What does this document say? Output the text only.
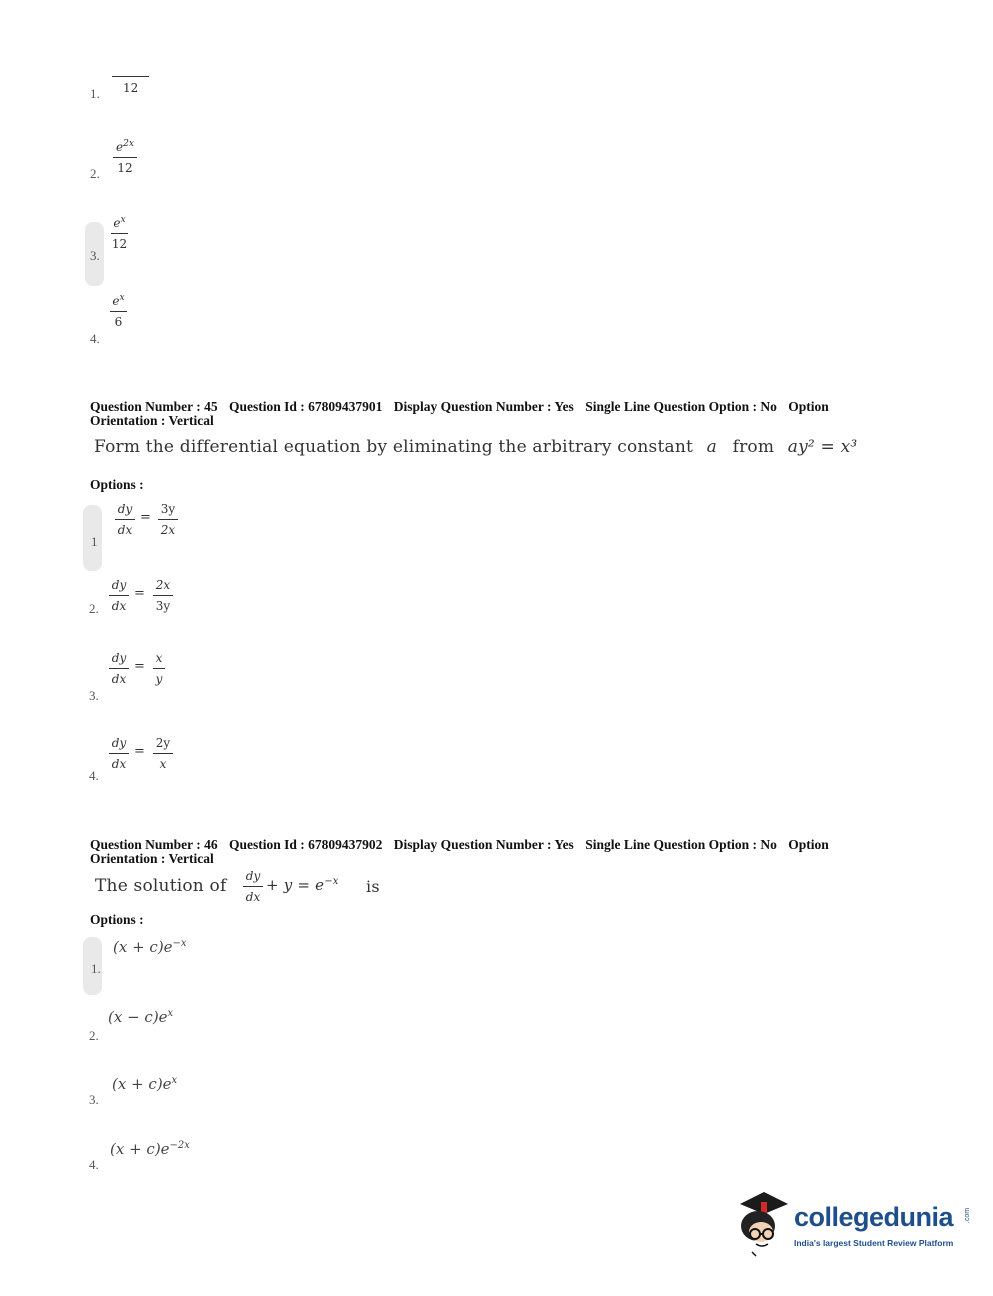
1. 12
2.
$e^{2x}$
12
3.
$e^x$
12
4.
$e^x$
6
Question Number : 45 Question Id : 67809437901 Display Question Number : Yes Single Line Question Option : No Option
Orientation : Vertical
Form the differential equation by eliminating the arbitrary constant a from ay² = x³
Options :
1
dy
dx
=
3y
2x
2.
dy
dx
=
2x
3y
3.
dy
dx
=
x
y
4.
dy
dx
=
2y
x
Question Number : 46 Question Id : 67809437902 Display Question Number : Yes Single Line Question Option : No Option
Orientation : Vertical
The solution of dy
dx
+ $y = e^{-x}$ is
Options :
1.
$(x + c)e^{-x}$
2.
$(x - c)e^x$
3.
$(x + c)e^x$
4.
$(x + c)e^{-2x}$
collegedunia .com
India's largest Student Review Platform
